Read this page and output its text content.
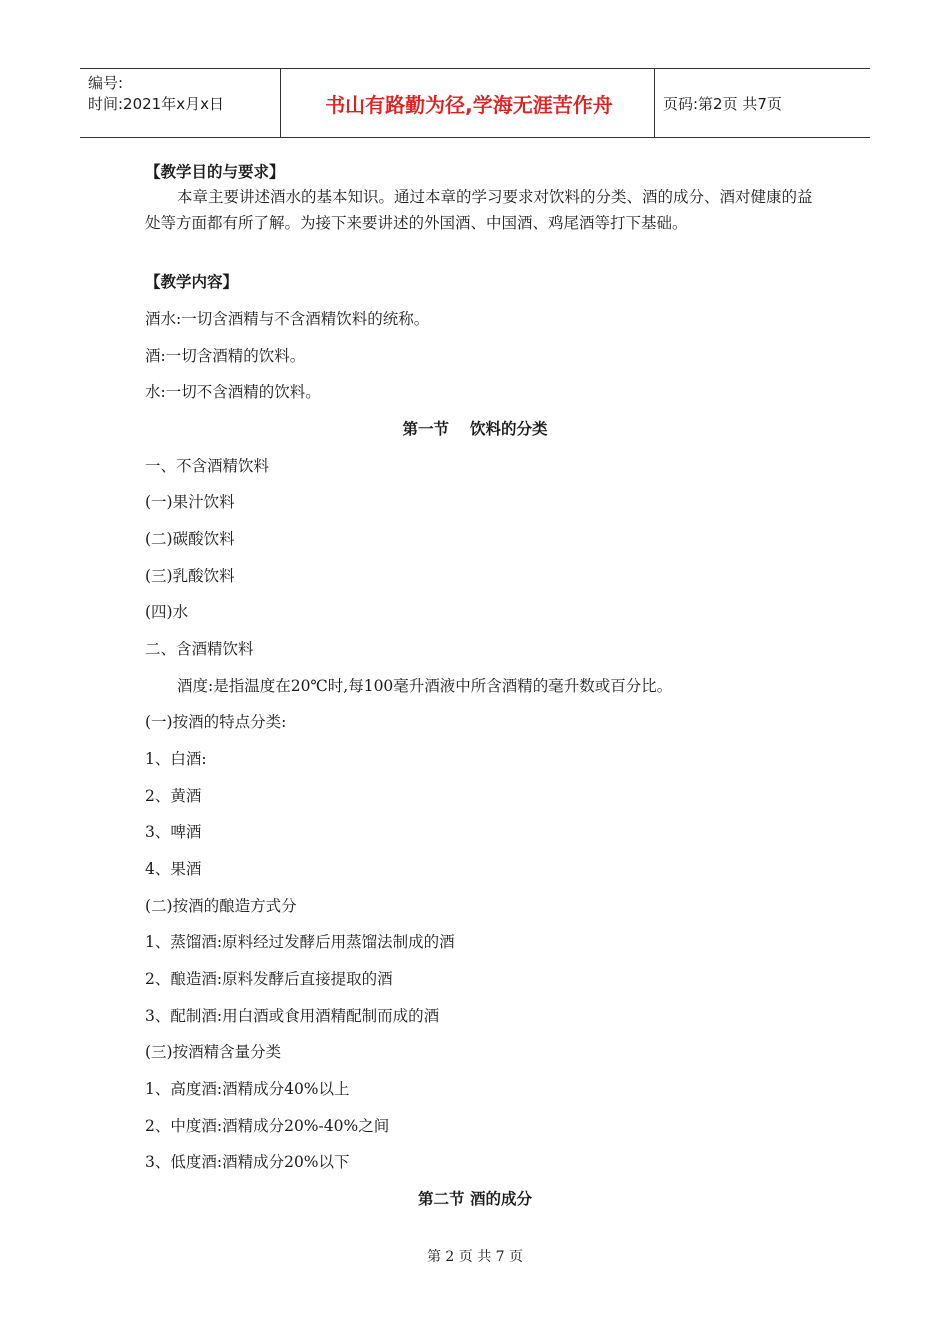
编号:
时间:2021年x月x日	书山有路勤为径,学海无涯苦作舟	页码:第2页 共7页
【教学目的与要求】
本章主要讲述酒水的基本知识。通过本章的学习要求对饮料的分类、酒的成分、酒对健康的益处等方面都有所了解。为接下来要讲述的外国酒、中国酒、鸡尾酒等打下基础。
【教学内容】
酒水:一切含酒精与不含酒精饮料的统称。
酒:一切含酒精的饮料。
水:一切不含酒精的饮料。
第一节　 饮料的分类
一、不含酒精饮料
(一)果汁饮料
(二)碳酸饮料
(三)乳酸饮料
(四)水
二、含酒精饮料
酒度:是指温度在20℃时,每100毫升酒液中所含酒精的毫升数或百分比。
(一)按酒的特点分类:
1、白酒:
2、黄酒
3、啤酒
4、果酒
(二)按酒的酿造方式分
1、蒸馏酒:原料经过发酵后用蒸馏法制成的酒
2、酿造酒:原料发酵后直接提取的酒
3、配制酒:用白酒或食用酒精配制而成的酒
(三)按酒精含量分类
1、高度酒:酒精成分40%以上
2、中度酒:酒精成分20%-40%之间
3、低度酒:酒精成分20%以下
第二节 酒的成分
第 2 页 共 7 页
